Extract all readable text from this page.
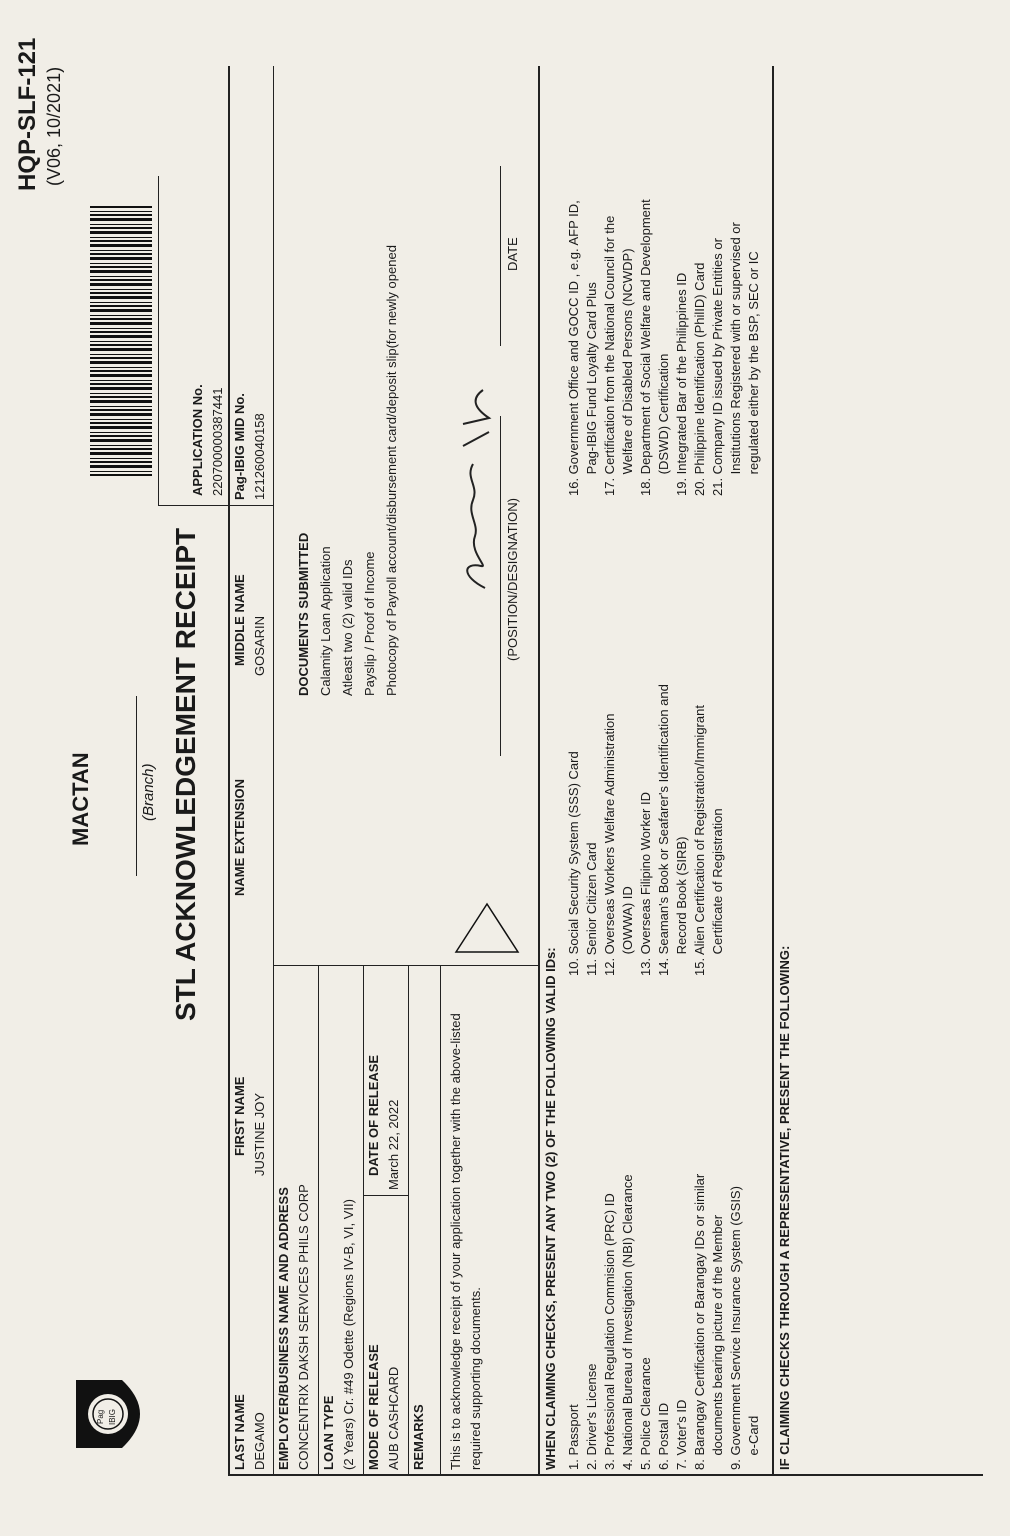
Pag IBIG
HQP-SLF-121 (V06, 10/2021)
MACTAN	(Branch) STL ACKNOWLEDGEMENT RECEIPT
APPLICATION No. 220700000387441
LAST NAME DEGAMO
FIRST NAME JUSTINE JOY
NAME EXTENSION
MIDDLE NAME GOSARIN
Pag-IBIG MID No. 121260040158
EMPLOYER/BUSINESS NAME AND ADDRESS CONCENTRIX DAKSH SERVICES PHILS CORP LOAN TYPE (2 Years) Cr. #49 Odette (Regions IV-B, VI, VII) MODE OF RELEASE AUB CASHCARD
DATE OF RELEASE March 22, 2022
REMARKS
DOCUMENTS SUBMITTED Calamity Loan Application Atleast two (2) valid IDs Payslip / Proof of Income Photocopy of Payroll account/disbursement card/deposit slip(for newly opened
This is to acknowledge receipt of your application together with the above-listed required supporting documents.
(POSITION/DESIGNATION)
DATE
WHEN CLAIMING CHECKS, PRESENT ANY TWO (2) OF THE FOLLOWING VALID IDs: 1. Passport 2. Driver's License 3. Professional Regulation Commision (PRC) ID 4. National Bureau of Investigation (NBI) Clearance 5. Police Clearance 6. Postal ID 7. Voter's ID 8. Barangay Certification or Barangay IDs or similar documents bearing picture of the Member 9. Government Service Insurance System (GSIS) e-Card
10. Social Security System (SSS) Card 11. Senior Citizen Card 12. Overseas Workers Welfare Administration (OWWA) ID 13. Overseas Filipino Worker ID 14. Seaman's Book or Seafarer's Identification and Record Book (SIRB) 15. Alien Certification of Registration/Immigrant Certificate of Registration
16. Government Office and GOCC ID , e.g. AFP ID, Pag-IBIG Fund Loyalty Card Plus 17. Certification from the National Council for the Welfare of Disabled Persons (NCWDP) 18. Department of Social Welfare and Development (DSWD) Certification 19. Integrated Bar of the Philippines ID 20. Philippine Identification (PhilID) Card 21. Company ID issued by Private Entities or Institutions Registered with or supervised or regulated either by the BSP, SEC or IC
IF CLAIMING CHECKS THROUGH A REPRESENTATIVE, PRESENT THE FOLLOWING:
